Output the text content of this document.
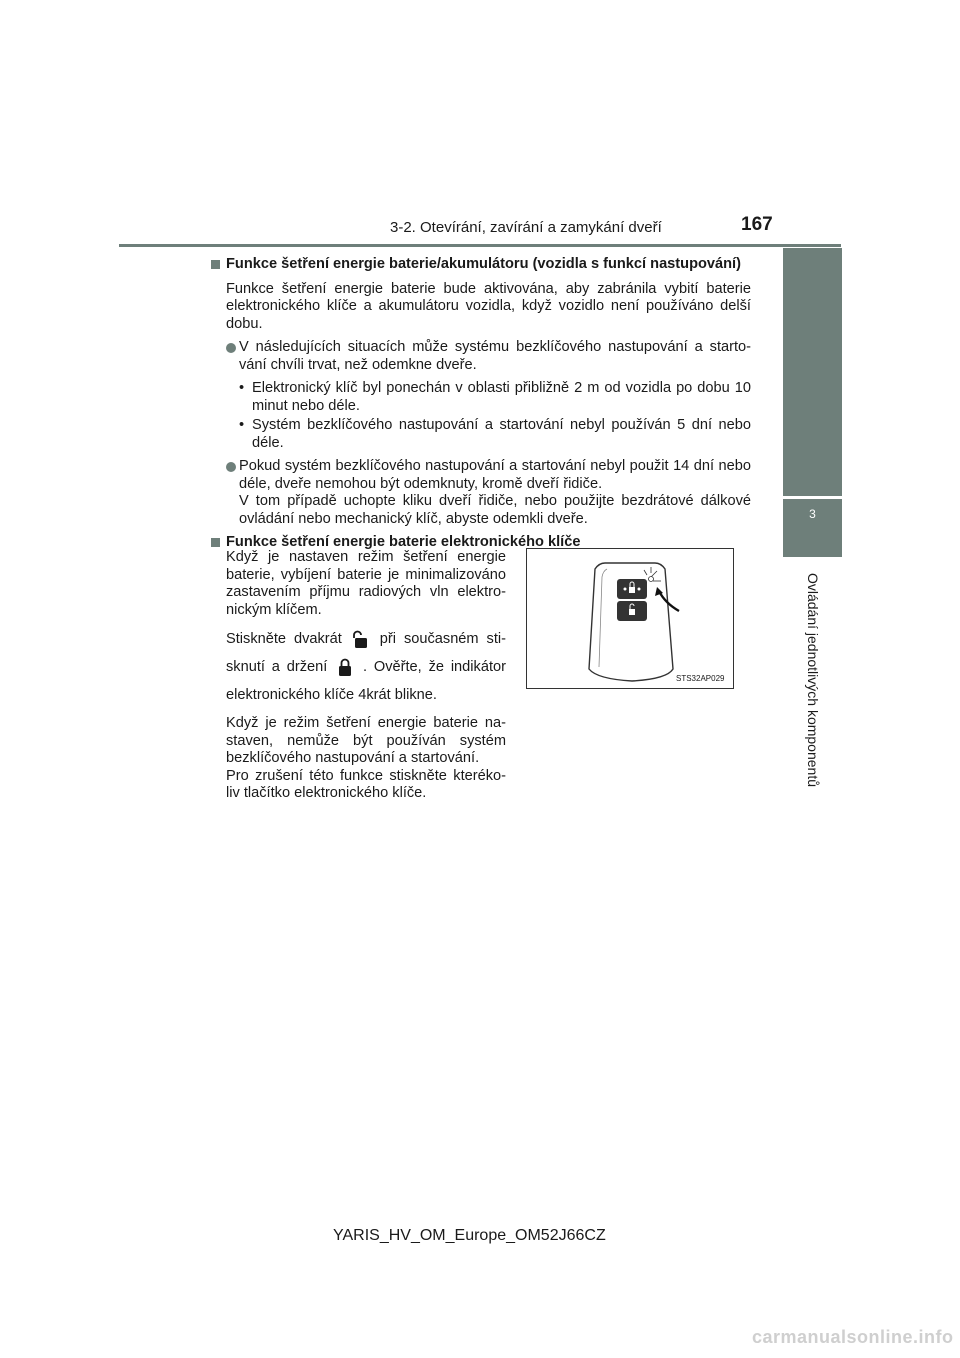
3-2. Otevírání, zavírání a zamykání dveří	167
3
Ovládání jednotlivých komponentů
Funkce šetření energie baterie/akumulátoru (vozidla s funkcí nastupování)
Funkce šetření energie baterie bude aktivována, aby zabránila vybití baterie elektronického klíče a akumulátoru vozidla, když vozidlo není používáno delší dobu.
V následujících situacích může systému bezklíčového nastupování a starto-vání chvíli trvat, než odemkne dveře.
• Elektronický klíč byl ponechán v oblasti přibližně 2 m od vozidla po dobu 10 minut nebo déle.
• Systém bezklíčového nastupování a startování nebyl používán 5 dní nebo déle.
Pokud systém bezklíčového nastupování a startování nebyl použit 14 dní nebo déle, dveře nemohou být odemknuty, kromě dveří řidiče.
V tom případě uchopte kliku dveří řidiče, nebo použijte bezdrátové dálkové ovládání nebo mechanický klíč, abyste odemkli dveře.
Funkce šetření energie baterie elektronického klíče

Když je nastaven režim šetření energie baterie, vybíjení baterie je minimalizováno zastavením příjmu radiových vln elektro-nickým klíčem.

Stiskněte dvakrát	při současném sti-sknutí a držení . Ověřte, že indikátor elektronického klíče 4krát blikne.

Když je režim šetření energie baterie na-staven, nemůže být používán systém bezklíčového nastupování a startování.
Pro zrušení této funkce stiskněte kteréko-liv tlačítko elektronického klíče.

STS32AP029
YARIS_HV_OM_Europe_OM52J66CZ
carmanualsonline.info
